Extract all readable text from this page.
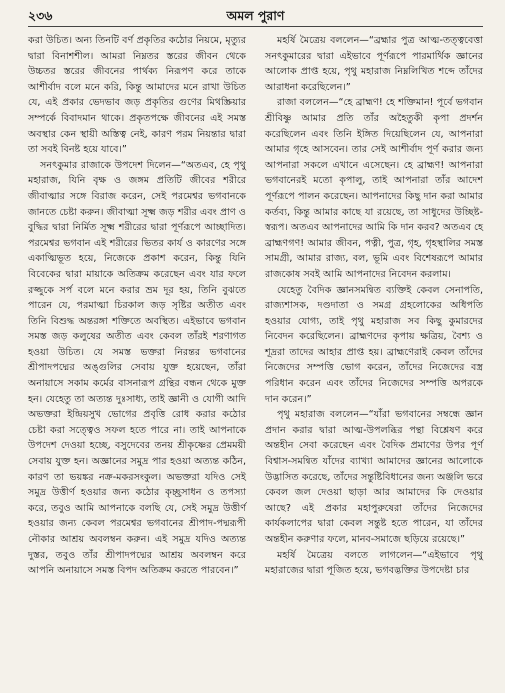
২৩৬	অমল পুরাণ

করা উচিত। অন্য তিনটি বর্ণ প্রকৃতির কঠোর নিয়মে, মৃত্যুর দ্বারা বিনাশশীল। আমরা নিম্নতর স্তরের জীবন থেকে উচ্চতর স্তরের জীবনের পার্থক্য নিরূপণ করে তাকে আশীর্বাদ বলে মনে করি, কিন্তু আমাদের মনে রাখা উচিত যে, এই প্রকার ভেদভাব জড় প্রকৃতির গুণের মিথস্ক্রিয়ার সম্পর্কে বিবাদমান থাকে। প্রকৃতপক্ষে জীবনের এই সমস্ত অবস্থার কেন স্থায়ী অস্তিত্ব নেই, কারণ পরম নিয়ন্তার দ্বারা তা সবই বিনষ্ট হয়ে যাবে।”

সনৎকুমার রাজাকে উপদেশ দিলেন—“অতএব, হে পৃথু মহারাজ, যিনি বৃক্ষ ও জঙ্গম প্রতিটি জীবের শরীরে জীবাত্মার সঙ্গে বিরাজ করেন, সেই পরমেশ্বর ভগবানকে জানতে চেষ্টা করুন। জীবাত্মা সূক্ষ্ম জড় শরীর এবং প্রাণ ও বুদ্ধির দ্বারা নির্মিত সূক্ষ্ম শরীরের দ্বারা পূর্ণরূপে আচ্ছাদিত। পরমেশ্বর ভগবান এই শরীরের ভিতর কার্য ও কারণের সঙ্গে একাত্মিভূত হয়ে, নিজেকে প্রকাশ করেন, কিন্তু যিনি বিবেকের দ্বারা মায়াকে অতিক্রম করেছেন এবং যার ফলে রজ্জুকে সর্প বলে মনে করার ভ্রম দূর হয়, তিনি বুঝতে পারেন যে, পরমাত্মা চিরকাল জড় সৃষ্টির অতীত এবং তিনি বিশুদ্ধ অন্তরঙ্গা শক্তিতে অবস্থিত। এইভাবে ভগবান সমস্ত জড় কলুষের অতীত এবং কেবল তাঁরই শরণাগত হওয়া উচিত। যে সমস্ত ভক্তরা নিরন্তর ভগবানের শ্রীপাদপদ্মের অঙ্গুলির সেবায় যুক্ত হয়েছেন, তাঁরা অনায়াসে সকাম কর্মের বাসনারূপ গ্রন্থির বন্ধন থেকে মুক্ত হন। যেহেতু তা অত্যন্ত দুঃসাধ্য, তাই জ্ঞানী ও যোগী আদি অভক্তরা ইন্দ্রিয়সুখ ভোগের প্রবৃত্তি রোধ করার কঠোর চেষ্টা করা সত্ত্বেও সফল হতে পারে না। তাই আপনাকে উপদেশ দেওয়া হচ্ছে, বসুদেবের তনয় শ্রীকৃষ্ণের প্রেমময়ী সেবায় যুক্ত হন। অজ্ঞানের সমুদ্র পার হওয়া অত্যন্ত কঠিন, কারণ তা ভয়ঙ্কর নক্র-মকরসংকুল। অভক্তরা যদিও সেই সমুদ্র উত্তীর্ণ হওয়ার জন্য কঠোর কৃচ্ছ্রসাধন ও তপস্যা করে, তবুও আমি আপনাকে বলছি যে, সেই সমুদ্র উত্তীর্ণ হওয়ার জন্য কেবল পরমেশ্বর ভগবানের শ্রীপাদ-পদ্মরূপী নৌকার আশ্রয় অবলম্বন করুন। এই সমুদ্র যদিও অত্যন্ত দুস্তর, তবুও তাঁর শ্রীপাদপদ্মের আশ্রয় অবলম্বন করে আপনি অনায়াসে সমস্ত বিপদ অতিক্রম করতে পারবেন।”

মহর্ষি মৈত্রেয় বললেন—“ব্রহ্মার পুত্র আত্ম-তত্ত্ববেত্তা সনৎকুমারের দ্বারা এইভাবে পূর্ণরূপে পারমার্থিক জ্ঞানের আলোক প্রাপ্ত হয়ে, পৃথু মহারাজ নিম্নলিখিত শব্দে তাঁদের আরাধনা করেছিলেন।”

রাজা বললেন—“হে ব্রাহ্মণ! হে শক্তিমান! পূর্বে ভগবান শ্রীবিষ্ণু আমার প্রতি তাঁর অহৈতুকী কৃপা প্রদর্শন করেছিলেন এবং তিনি ইঙ্গিত দিয়েছিলেন যে, আপনারা আমার গৃহে আসবেন। তার সেই আশীর্বাদ পূর্ণ করার জন্য আপনারা সকলে এখানে এসেছেন। হে ব্রাহ্মণ! আপনারা ভগবানেরই মতো কৃপালু, তাই আপনারা তাঁর আদেশ পূর্ণরূপে পালন করেছেন। আপনাদের কিছু দান করা আমার কর্তব্য, কিন্তু আমার কাছে যা রয়েছে, তা সাধুদের উচ্ছিষ্ট-স্বরূপ। অতএব আপনাদের আমি কি দান করব? অতএব হে ব্রাহ্মণগণ! আমার জীবন, পত্নী, পুত্র, গৃহ, গৃহস্থালির সমস্ত সামগ্রী, আমার রাজ্য, বল, ভূমি এবং বিশেষরূপে আমার রাজকোষ সবই আমি আপনাদের নিবেদন করলাম।

যেহেতু বৈদিক জ্ঞানসমন্বিত ব্যক্তিই কেবল সেনাপতি, রাজ্যশাসক, দণ্ডদাতা ও সমগ্র গ্রহলোকের অধিপতি হওয়ার যোগ্য, তাই পৃথু মহারাজ সব কিছু কুমারদের নিবেদন করেছিলেন। ব্রাহ্মণদের কৃপায় ক্ষত্রিয়, বৈশ্য ও শূদ্ররা তাদের আহার প্রাপ্ত হয়। ব্রাহ্মণেরাই কেবল তাঁদের নিজেদের সম্পত্তি ভোগ করেন, তাঁদের নিজেদের বস্ত্র পরিধান করেন এবং তাঁদের নিজেদের সম্পত্তি অপরকে দান করেন।”

পৃথু মহারাজ বললেন—“যাঁরা ভগবানের সম্বন্ধে জ্ঞান প্রদান করার দ্বারা আত্ম-উপলব্ধির পন্থা বিশ্লেষণ করে অন্তহীন সেবা করেছেন এবং বৈদিক প্রমাণের উপর পূর্ণ বিশ্বাস-সমন্বিত যাঁদের ব্যাখ্যা আমাদের জ্ঞানের আলোকে উদ্ভাসিত করেছে, তাঁদের সন্তুষ্টিবিধানের জন্য অঞ্জলি ভরে কেবল জল দেওয়া ছাড়া আর আমাদের কি দেওয়ার আছে? এই প্রকার মহাপুরুষেরা তাঁদের নিজেদের কার্যকলাপের দ্বারা কেবল সন্তুষ্ট হতে পারেন, যা তাঁদের অন্তহীন করুণার ফলে, মানব-সমাজে ছড়িয়ে রয়েছে।”

মহর্ষি মৈত্রেয় বলতে লাগলেন—“এইভাবে পৃথু মহারাজের দ্বারা পূজিত হয়ে, ভগবদ্ভক্তির উপদেষ্টা চার
